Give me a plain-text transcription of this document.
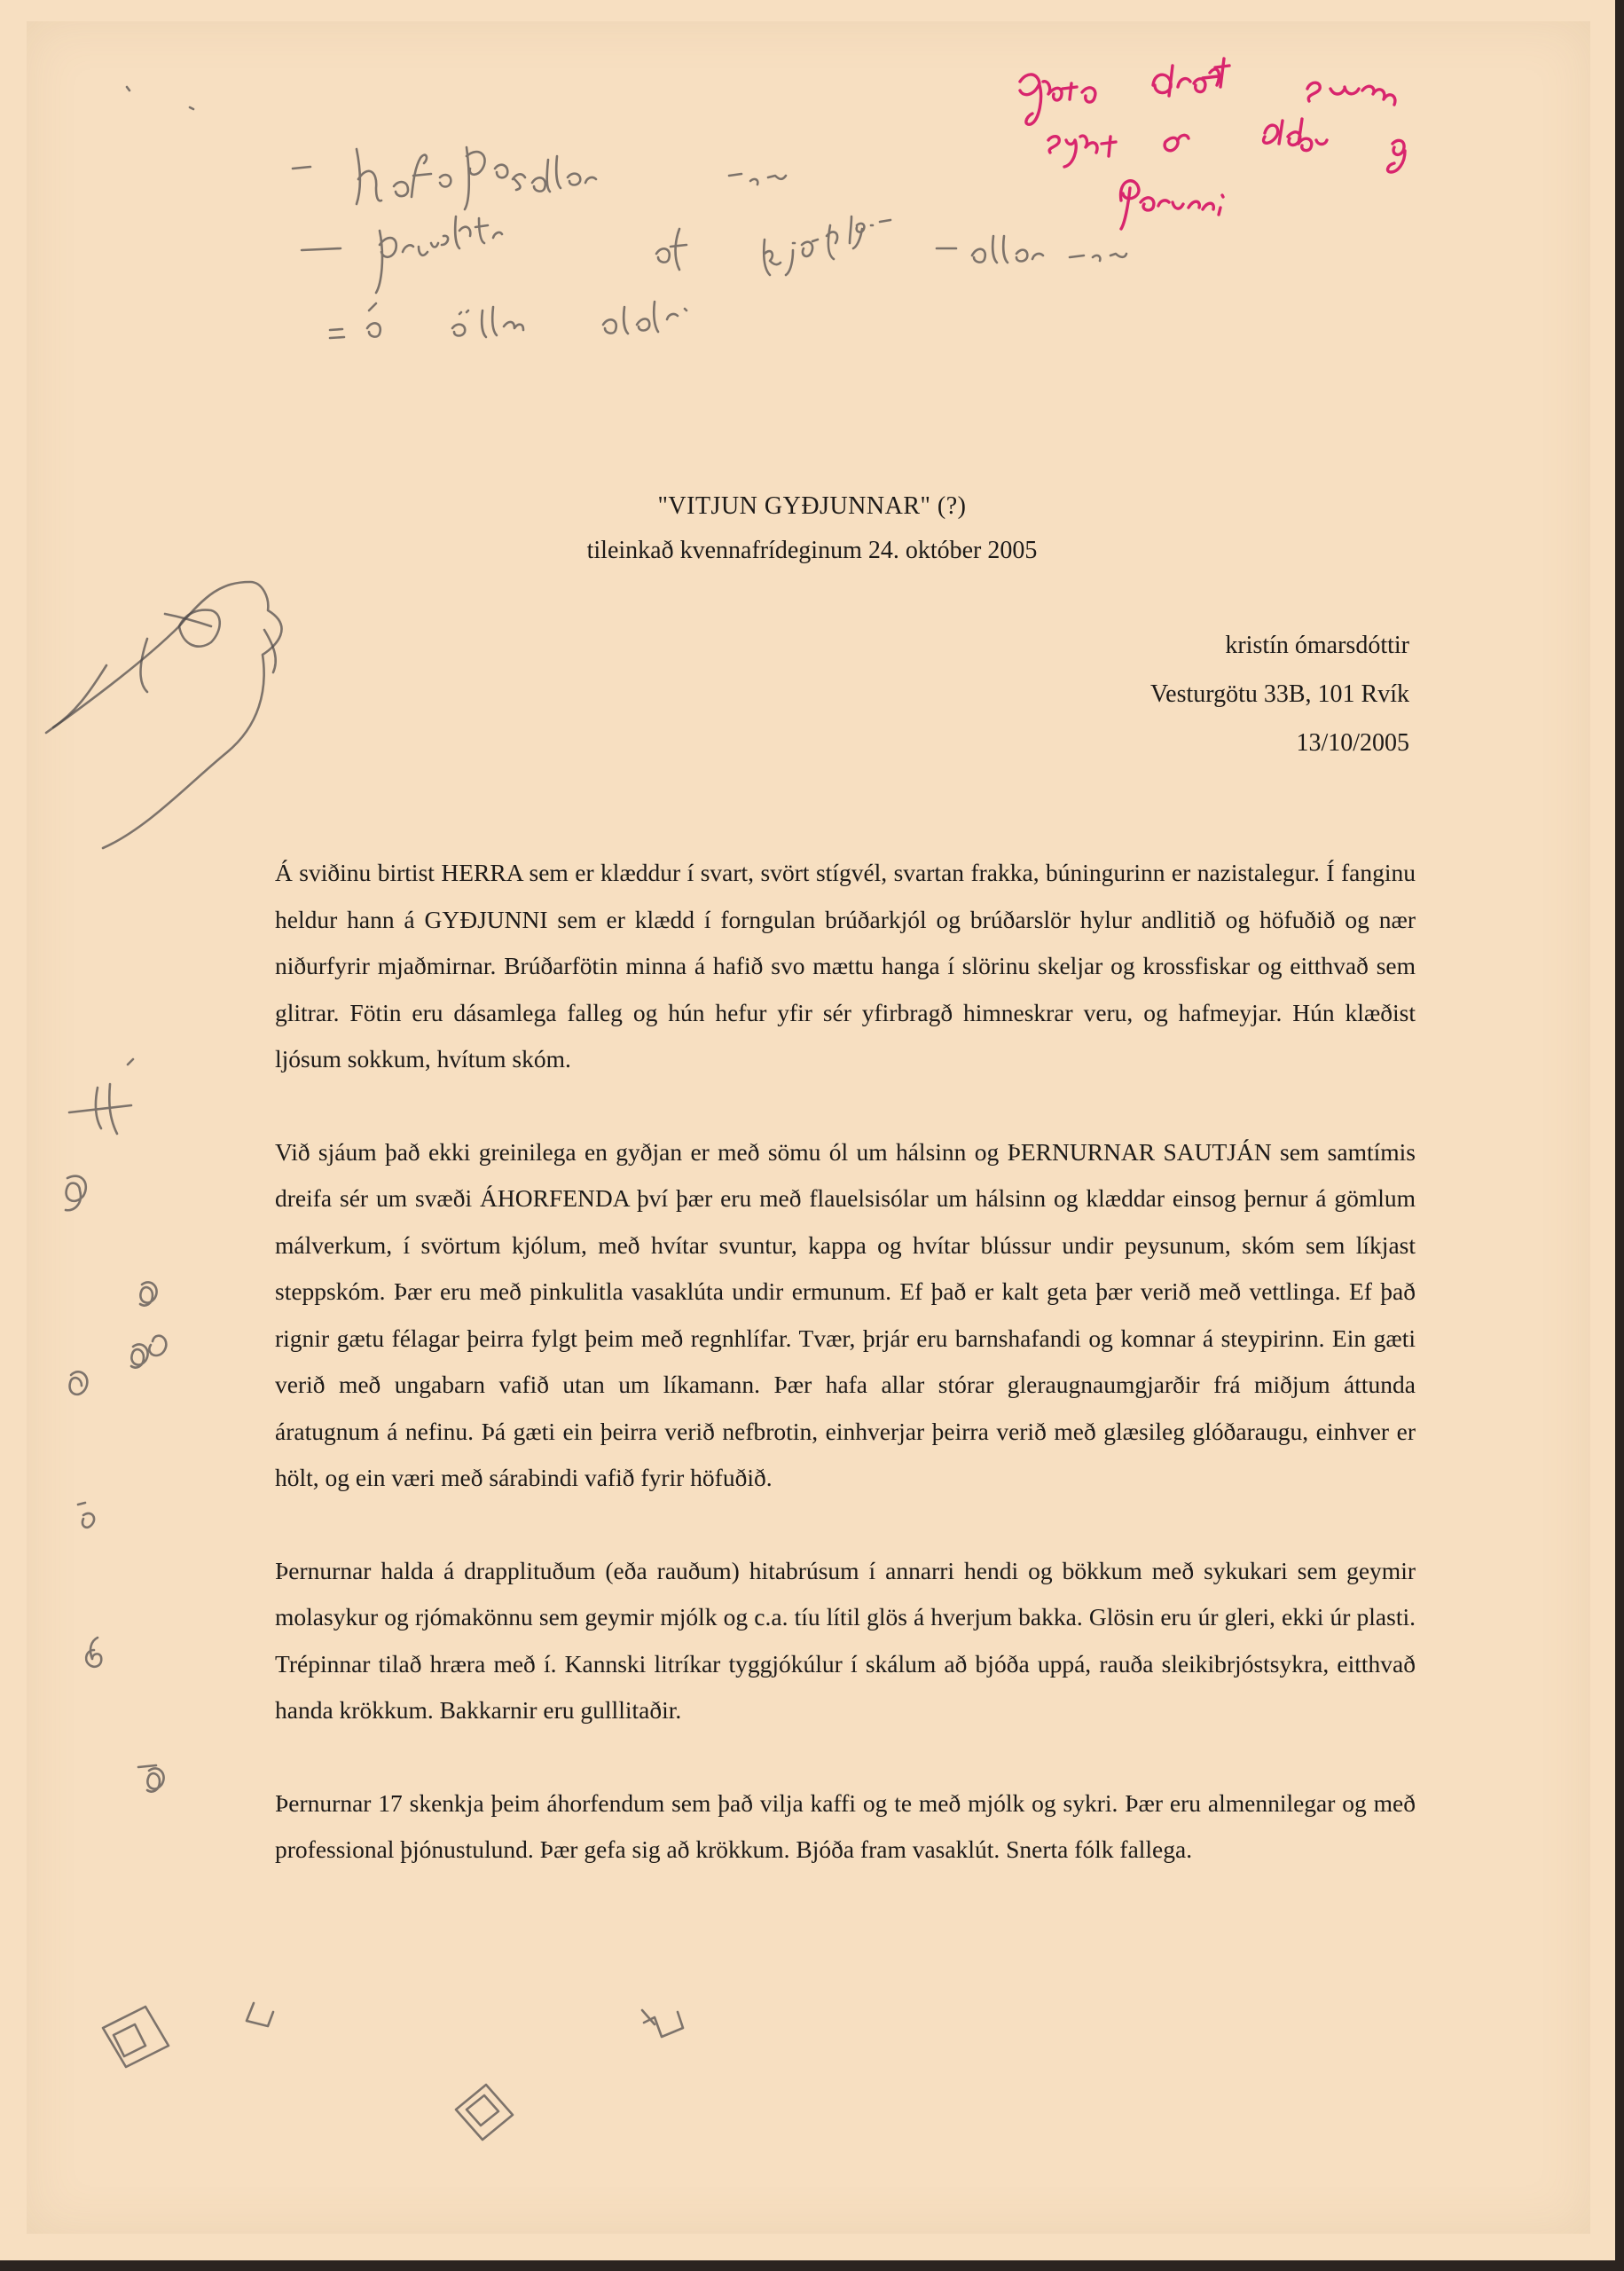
"VITJUN GYÐJUNNAR" (?)
tileinkað kvennafrídeginum 24. október 2005
kristín ómarsdóttir
Vesturgötu 33B, 101 Rvík
13/10/2005

Á sviðinu birtist HERRA sem er klæddur í svart, svört stígvél, svartan frakka, búningurinn er nazistalegur. Í fanginu heldur hann á GYÐJUNNI sem er klædd í forngulan brúðarkjól og brúðarslör hylur andlitið og höfuðið og nær niðurfyrir mjaðmirnar. Brúðarfötin minna á hafið svo mættu hanga í slörinu skeljar og krossfiskar og eitthvað sem glitrar. Fötin eru dásamlega falleg og hún hefur yfir sér yfirbragð himneskrar veru, og hafmeyjar. Hún klæðist ljósum sokkum, hvítum skóm.

Við sjáum það ekki greinilega en gyðjan er með sömu ól um hálsinn og ÞERNURNAR SAUTJÁN sem samtímis dreifa sér um svæði ÁHORFENDA því þær eru með flauelsisólar um hálsinn og klæddar einsog þernur á gömlum málverkum, í svörtum kjólum, með hvítar svuntur, kappa og hvítar blússur undir peysunum, skóm sem líkjast steppskóm. Þær eru með pinkulitla vasaklúta undir ermunum. Ef það er kalt geta þær verið með vettlinga. Ef það rignir gætu félagar þeirra fylgt þeim með regnhlífar. Tvær, þrjár eru barnshafandi og komnar á steypirinn. Ein gæti verið með ungabarn vafið utan um líkamann. Þær hafa allar stórar gleraugnaumgjarðir frá miðjum áttunda áratugnum á nefinu. Þá gæti ein þeirra verið nefbrotin, einhverjar þeirra verið með glæsileg glóðaraugu, einhver er hölt, og ein væri með sárabindi vafið fyrir höfuðið.

Þernurnar halda á drapplituðum (eða rauðum) hitabrúsum í annarri hendi og bökkum með sykukari sem geymir molasykur og rjómakönnu sem geymir mjólk og c.a. tíu lítil glös á hverjum bakka. Glösin eru úr gleri, ekki úr plasti. Trépinnar tilað hræra með í. Kannski litríkar tyggjókúlur í skálum að bjóða uppá, rauða sleikibrjóstsykra, eitthvað handa krökkum. Bakkarnir eru gulllitaðir.

Þernurnar 17 skenkja þeim áhorfendum sem það vilja kaffi og te með mjólk og sykri. Þær eru almennilegar og með professional þjónustulund. Þær gefa sig að krökkum. Bjóða fram vasaklút. Snerta fólk fallega.
